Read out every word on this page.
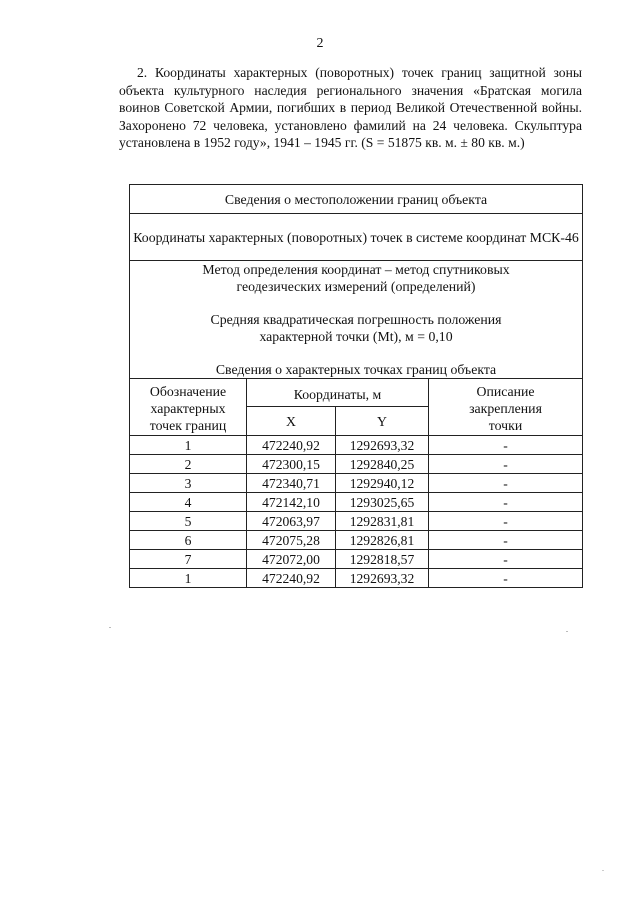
2

2. Координаты характерных (поворотных) точек границ защитной зоны объекта культурного наследия регионального значения «Братская могила воинов Советской Армии, погибших в период Великой Отечественной войны. Захоронено 72 человека, установлено фамилий на 24 человека. Скульптура установлена в 1952 году», 1941 – 1945 гг. (S = 51875 кв. м. ± 80 кв. м.)

Сведения о местоположении границ объекта			
Координаты характерных (поворотных) точек в системе координат МСК-46			

Метод определения координат – метод спутниковых
геодезических измерений (определений)
Средняя квадратическая погрешность положения
характерной точки (Mt), м = 0,10
Сведения о характерных точках границ объекта			

Обозначение
характерных
точек границ	Координаты, м		Описание
закрепления
точки

	X	Y	
1	472240,92	1292693,32	-
2	472300,15	1292840,25	-
3	472340,71	1292940,12	-
4	472142,10	1293025,65	-
5	472063,97	1292831,81	-
6	472075,28	1292826,81	-
7	472072,00	1292818,57	-
1	472240,92	1292693,32	-
